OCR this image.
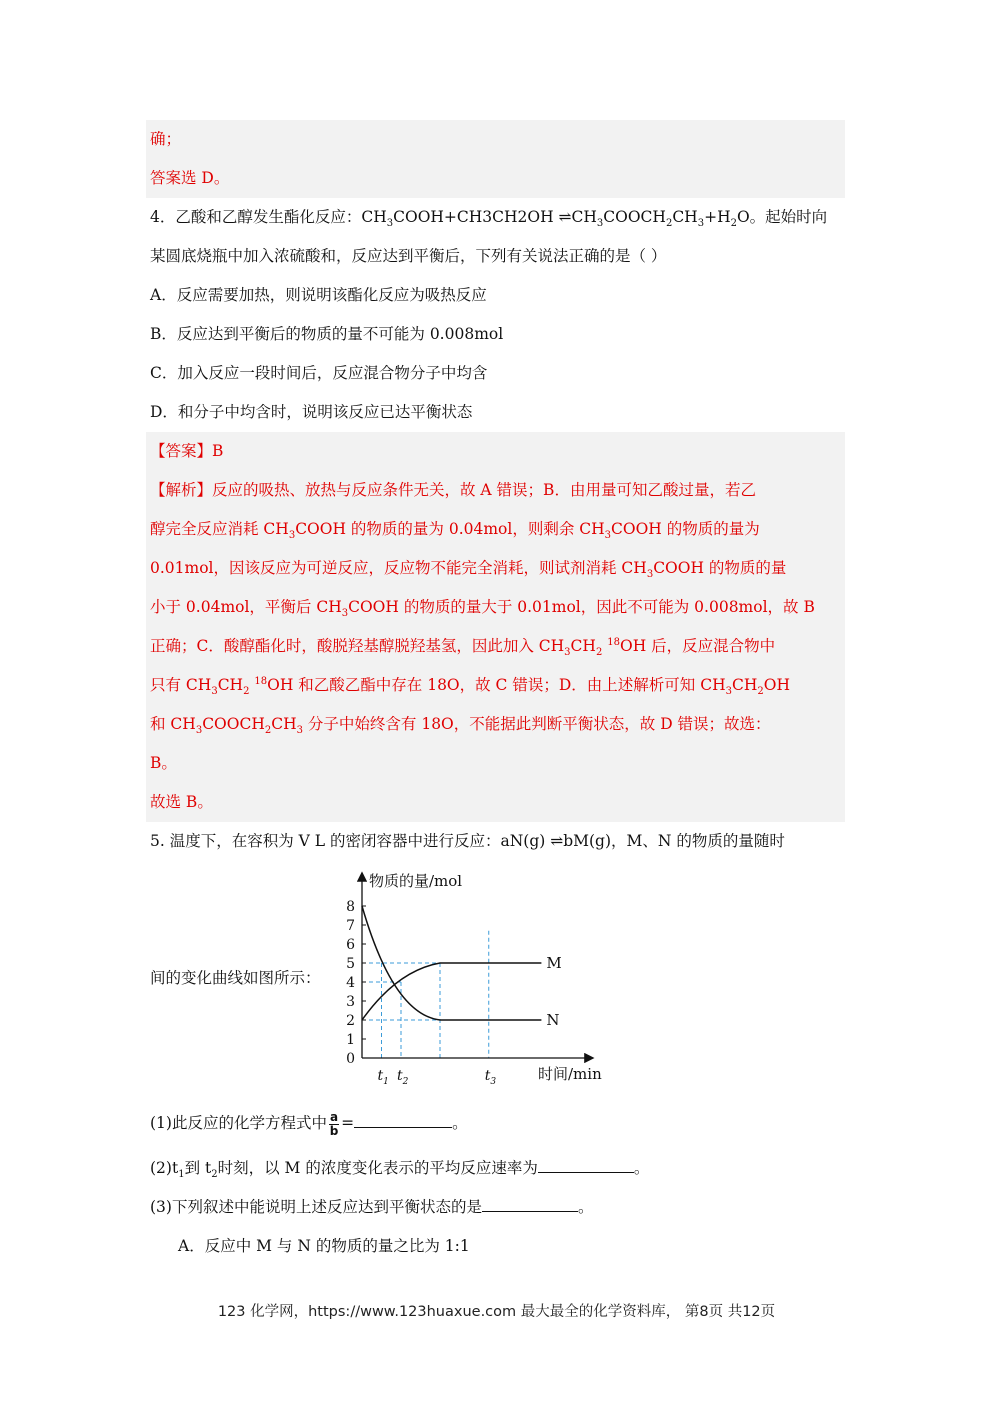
确；
答案选 D。
4．乙酸和乙醇发生酯化反应：$CH_3COOH+CH3CH2OH$ $\rightleftharpoons CH_3COOCH_2CH_3+H_2O$。起始时向
某圆底烧瓶中加入浓硫酸和，反应达到平衡后，下列有关说法正确的是（ ）
A．反应需要加热，则说明该酯化反应为吸热反应
B．反应达到平衡后的物质的量不可能为 0.008mol
C．加入反应一段时间后，反应混合物分子中均含
D．和分子中均含时，说明该反应已达平衡状态
【答案】B
【解析】反应的吸热、放热与反应条件无关，故 A 错误；B．由用量可知乙酸过量，若乙
醇完全反应消耗 $CH_3COOH$ 的物质的量为 0.04mol，则剩余 $CH_3COOH$ 的物质的量为
0.01mol，因该反应为可逆反应，反应物不能完全消耗，则试剂消耗 $CH_3COOH$ 的物质的量
小于 0.04mol，平衡后 $CH_3COOH$ 的物质的量大于 0.01mol，因此不可能为 0.008mol，故 B
正确；C．酸醇酯化时，酸脱羟基醇脱羟基氢，因此加入 $CH_3CH_2$ $^{18}$OH 后，反应混合物中
只有 $CH_3CH_2$ $^{18}$OH 和乙酸乙酯中存在 18O，故 C 错误；D．由上述解析可知 $CH_3CH_2OH$
和 $CH_3COOCH_2CH_3$ 分子中始终含有 18O，不能据此判断平衡状态，故 D 错误；故选：
B。
故选 B。
5. 温度下，在容积为 V L 的密闭容器中进行反应：aN(g) ⇌bM(g)，M、N 的物质的量随时
间的变化曲线如图所示：
0
1
2
3
4
5
6
7
8
M
N
$t_1$ $t_2$	$t_3$
物质的量/mol
时间/min
(1)此反应的化学方程式中 $\frac{a}{b}$ =	。
$(2)t_1$到 $t_2$时刻，以 M 的浓度变化表示的平均反应速率为	。
(3)下列叙述中能说明上述反应达到平衡状态的是	。
A．反应中 M 与 N 的物质的量之比为 1:1
123 化学网，https://www.123huaxue.com 最大最全的化学资料库， 第8页 共12页
